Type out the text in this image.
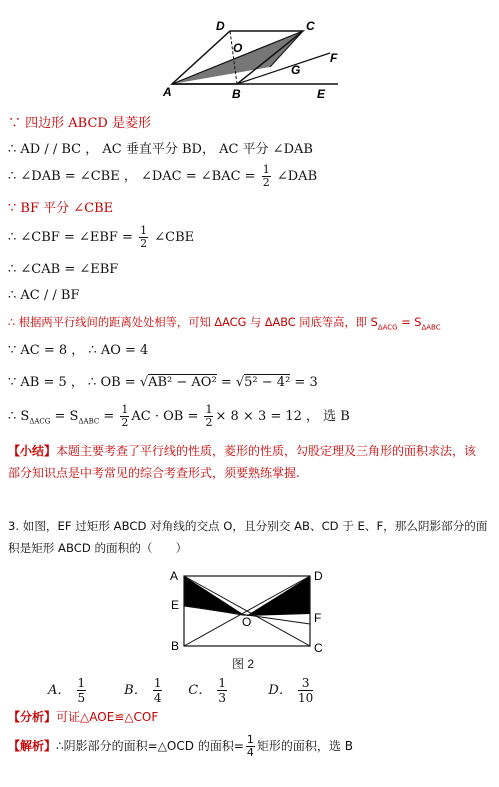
A	B
C
D
O
G
F
E
∵ 四边形 ABCD 是菱形
∴ AD / / BC ， AC 垂直平分 BD， AC 平分 ∠DAB
∴ ∠DAB = ∠CBE ， ∠DAC = ∠BAC = $\frac{1}{2}$ ∠DAB
∵ BF 平分 ∠CBE
∴ ∠CBF = ∠EBF = $\frac{1}{2}$ ∠CBE
∴ ∠CAB = ∠EBF
∴ AC / / BF
∴ 根据两平行线间的距离处处相等，可知 ΔACG 与 ΔABC 同底等高，即 $S_{\Delta ACG} = S_{\Delta ABC}$
∵ AC = 8 ， ∴ AO = 4
∵ AB = 5 ， ∴ OB = √AB² − AO² = √5² − 4² = 3
∴ $S_{\Delta ACG} = S_{\Delta ABC} = \frac{1}{2}$ AC · OB = $\frac{1}{2} \times 8 \times 3 = 12$ ， 选 B
【小结】本题主要考查了平行线的性质，菱形的性质，勾股定理及三角形的面积求法，该
部分知识点是中考常见的综合考查形式，须要熟练掌握.
3. 如图，EF 过矩形 ABCD 对角线的交点 O，且分别交 AB、CD 于 E、F，那么阴影部分的面
积是矩形 ABCD 的面积的（　　）
A	D
E
O	F
B	C
图 2
A． $\frac{1}{5}$	B． $\frac{1}{4}$ C． $\frac{1}{3}$	D． $\frac{3}{10}$
【分析】可证△AOE≌△COF
【解析】∴阴影部分的面积=△OCD 的面积= $\frac{1}{4}$ 矩形的面积，选 B
